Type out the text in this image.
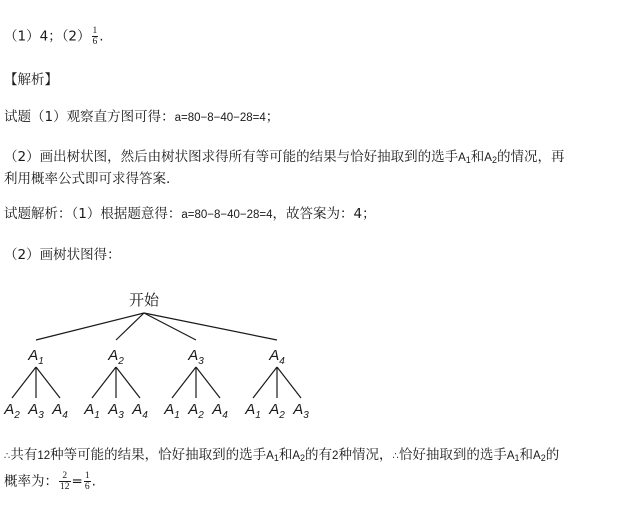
（1）4；$(2) \frac{1}{6}$ .
【解析】
试题（1）观察直方图可得：a=80−8−40−28=4；
（2）画出树状图，然后由树状图求得所有等可能的结果与恰好抽取到的选手$A_1$和$A_2$的情况，再
利用概率公式即可求得答案.
试题解析：（1）根据题意得：a=80−8−40−28=4，故答案为：4；
（2）画树状图得：
开始
$A_1$
$A_2$ $A_3$ $A_4$
$A_2$
$A_1$ $A_3$ $A_4$
$A_3$
$A_1$ $A_2$ $A_4$
$A_4$
$A_1$ $A_2$ $A_3$
∴共有12种等可能的结果，恰好抽取到的选手$A_1$和$A_2$的有2种情况，∴恰好抽取到的选手$A_1$和$A_2$的
概率为： $\frac{2}{12} = \frac{1}{6}$ .
